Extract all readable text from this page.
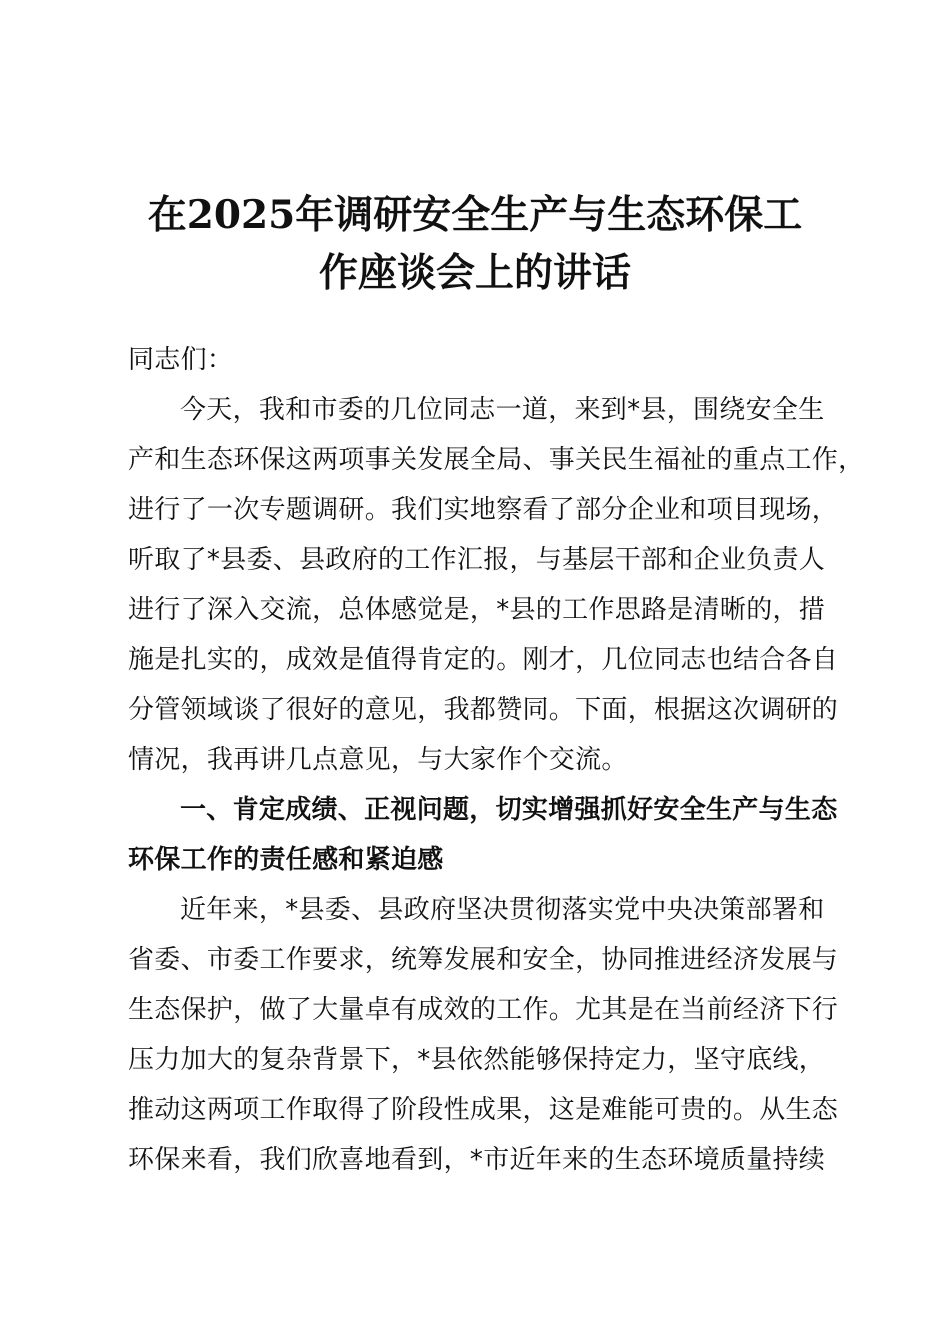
在2025年调研安全生产与生态环保工
作座谈会上的讲话
同志们：
今天，我和市委的几位同志一道，来到*县，围绕安全生
产和生态环保这两项事关发展全局、事关民生福祉的重点工作，
进行了一次专题调研。我们实地察看了部分企业和项目现场，
听取了*县委、县政府的工作汇报，与基层干部和企业负责人
进行了深入交流，总体感觉是，*县的工作思路是清晰的，措
施是扎实的，成效是值得肯定的。刚才，几位同志也结合各自
分管领域谈了很好的意见，我都赞同。下面，根据这次调研的
情况，我再讲几点意见，与大家作个交流。
一、肯定成绩、正视问题，切实增强抓好安全生产与生态
环保工作的责任感和紧迫感
近年来，*县委、县政府坚决贯彻落实党中央决策部署和
省委、市委工作要求，统筹发展和安全，协同推进经济发展与
生态保护，做了大量卓有成效的工作。尤其是在当前经济下行
压力加大的复杂背景下，*县依然能够保持定力，坚守底线，
推动这两项工作取得了阶段性成果，这是难能可贵的。从生态
环保来看，我们欣喜地看到，*市近年来的生态环境质量持续
